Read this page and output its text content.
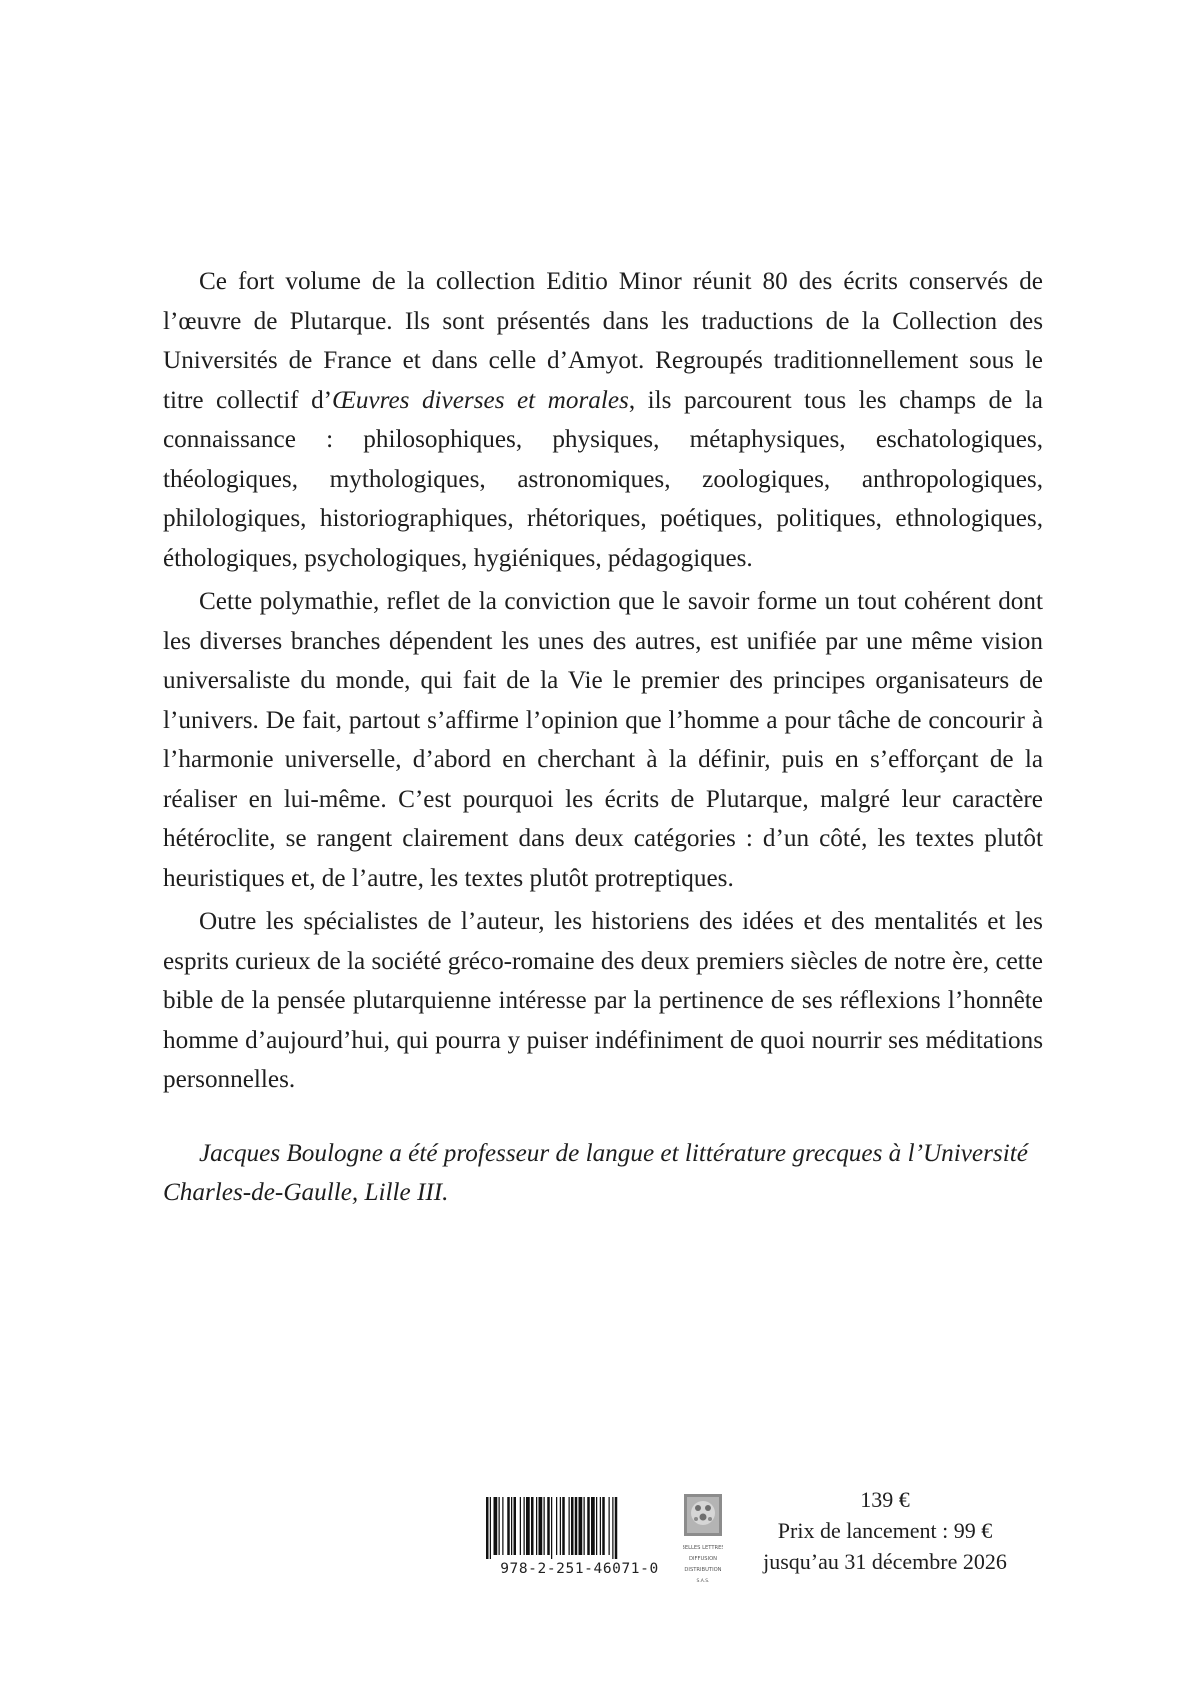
Ce fort volume de la collection Editio Minor réunit 80 des écrits conservés de l’œuvre de Plutarque. Ils sont présentés dans les traductions de la Collection des Universités de France et dans celle d’Amyot. Regroupés traditionnellement sous le titre collectif d’Œuvres diverses et morales, ils parcourent tous les champs de la connaissance : philosophiques, physiques, métaphysiques, eschatologiques, théologiques, mythologiques, astronomiques, zoologiques, anthropologiques, philologiques, historiographiques, rhétoriques, poétiques, politiques, ethnologiques, éthologiques, psychologiques, hygiéniques, pédagogiques.

Cette polymathie, reflet de la conviction que le savoir forme un tout cohérent dont les diverses branches dépendent les unes des autres, est unifiée par une même vision universaliste du monde, qui fait de la Vie le premier des principes organisateurs de l’univers. De fait, partout s’affirme l’opinion que l’homme a pour tâche de concourir à l’harmonie universelle, d’abord en cherchant à la définir, puis en s’efforçant de la réaliser en lui-même. C’est pourquoi les écrits de Plutarque, malgré leur caractère hétéroclite, se rangent clairement dans deux catégories : d’un côté, les textes plutôt heuristiques et, de l’autre, les textes plutôt protreptiques.

Outre les spécialistes de l’auteur, les historiens des idées et des mentalités et les esprits curieux de la société gréco-romaine des deux premiers siècles de notre ère, cette bible de la pensée plutarquienne intéresse par la pertinence de ses réflexions l’honnête homme d’aujourd’hui, qui pourra y puiser indéfiniment de quoi nourrir ses méditations personnelles.

Jacques Boulogne a été professeur de langue et littérature grecques à l’Université Charles-de-Gaulle, Lille III.

978-2-251-46071-0
BELLES LETTRES
DIFFUSION
DISTRIBUTION
S.A.S.
139 €
Prix de lancement : 99 €
jusqu’au 31 décembre 2026
